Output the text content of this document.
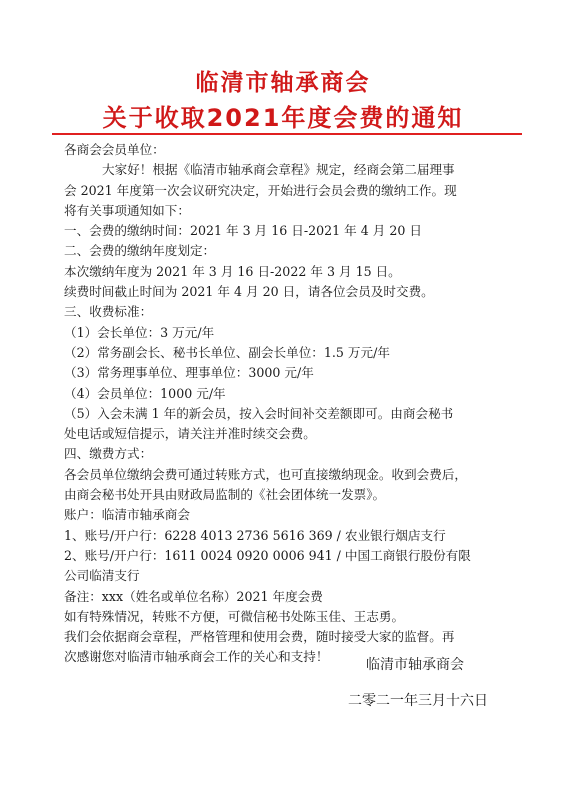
临清市轴承商会
关于收取2021年度会费的通知
各商会会员单位：
大家好！根据《临清市轴承商会章程》规定，经商会第二届理事
会 2021 年度第一次会议研究决定，开始进行会员会费的缴纳工作。现
将有关事项通知如下：
一、会费的缴纳时间：2021 年 3 月 16 日-2021 年 4 月 20 日
二、会费的缴纳年度划定：
本次缴纳年度为 2021 年 3 月 16 日-2022 年 3 月 15 日。
续费时间截止时间为 2021 年 4 月 20 日，请各位会员及时交费。
三、收费标准：
（1）会长单位：3 万元/年
（2）常务副会长、秘书长单位、副会长单位：1.5 万元/年
（3）常务理事单位、理事单位：3000 元/年
（4）会员单位：1000 元/年
（5）入会未满 1 年的新会员，按入会时间补交差额即可。由商会秘书
处电话或短信提示，请关注并准时续交会费。
四、缴费方式：
各会员单位缴纳会费可通过转账方式，也可直接缴纳现金。收到会费后，
由商会秘书处开具由财政局监制的《社会团体统一发票》。
账户：临清市轴承商会
1、账号/开户行：6228 4013 2736 5616 369 / 农业银行烟店支行
2、账号/开户行：1611 0024 0920 0006 941 / 中国工商银行股份有限
公司临清支行
备注：xxx（姓名或单位名称）2021 年度会费
如有特殊情况，转账不方便，可微信秘书处陈玉佳、王志勇。
我们会依据商会章程，严格管理和使用会费，随时接受大家的监督。再
次感谢您对临清市轴承商会工作的关心和支持！
临清市轴承商会
二零二一年三月十六日
